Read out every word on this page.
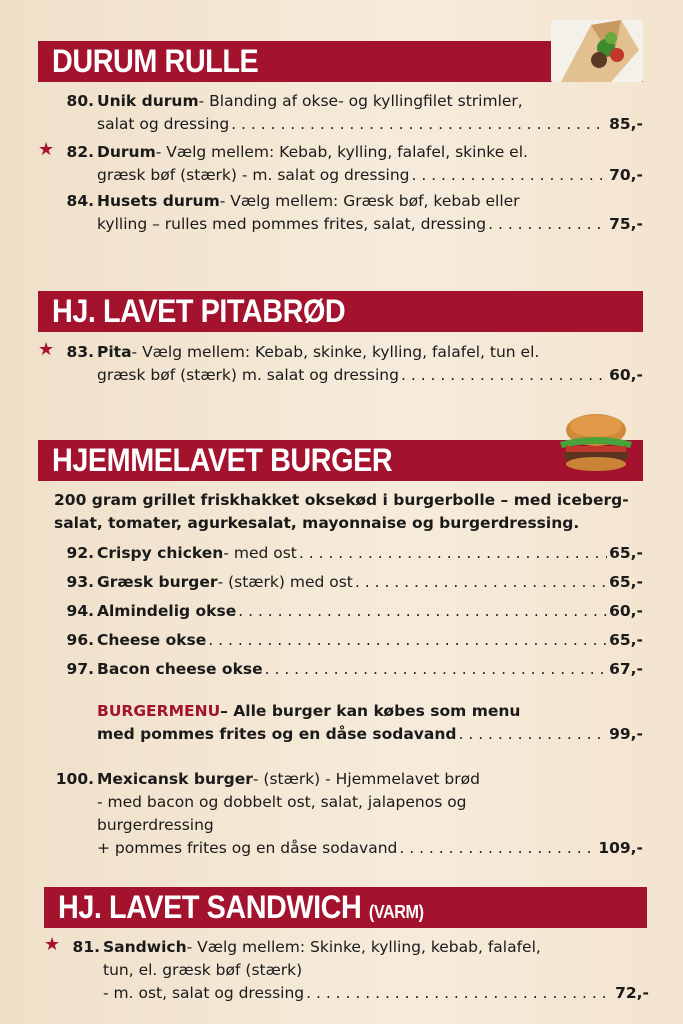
DURUM RULLE
80. Unik durum - Blanding af okse- og kyllingfilet strimler,
salat og dressing . . .	85,-
★ 82. Durum - Vælg mellem: Kebab, kylling, falafel, skinke el.
græsk bøf (stærk) - m. salat og dressing . . .	70,-
84. Husets durum - Vælg mellem: Græsk bøf, kebab eller
kylling – rulles med pommes frites, salat, dressing . . .	75,-
HJ. LAVET PITABRØD
★ 83. Pita - Vælg mellem: Kebab, skinke, kylling, falafel, tun el.
græsk bøf (stærk) m. salat og dressing . . .	60,-
HJEMMELAVET BURGER
200 gram grillet friskhakket oksekød i burgerbolle – med iceberg-
salat, tomater, agurkesalat, mayonnaise og burgerdressing.
92. Crispy chicken - med ost . . .	65,-
93. Græsk burger - (stærk) med ost . . .	65,-
94. Almindelig okse . . .	60,-
96. Cheese okse . . .	65,-
97. Bacon cheese okse . . .	67,-
BURGERMENU – Alle burger kan købes som menu
med pommes frites og en dåse sodavand . . .	99,-
100. Mexicansk burger - (stærk) - Hjemmelavet brød
- med bacon og dobbelt ost, salat, jalapenos og
burgerdressing
+ pommes frites og en dåse sodavand . . .	109,-
HJ. LAVET SANDWICH (VARM)
★ 81. Sandwich - Vælg mellem: Skinke, kylling, kebab, falafel,
tun, el. græsk bøf (stærk)
- m. ost, salat og dressing . . .	72,-
